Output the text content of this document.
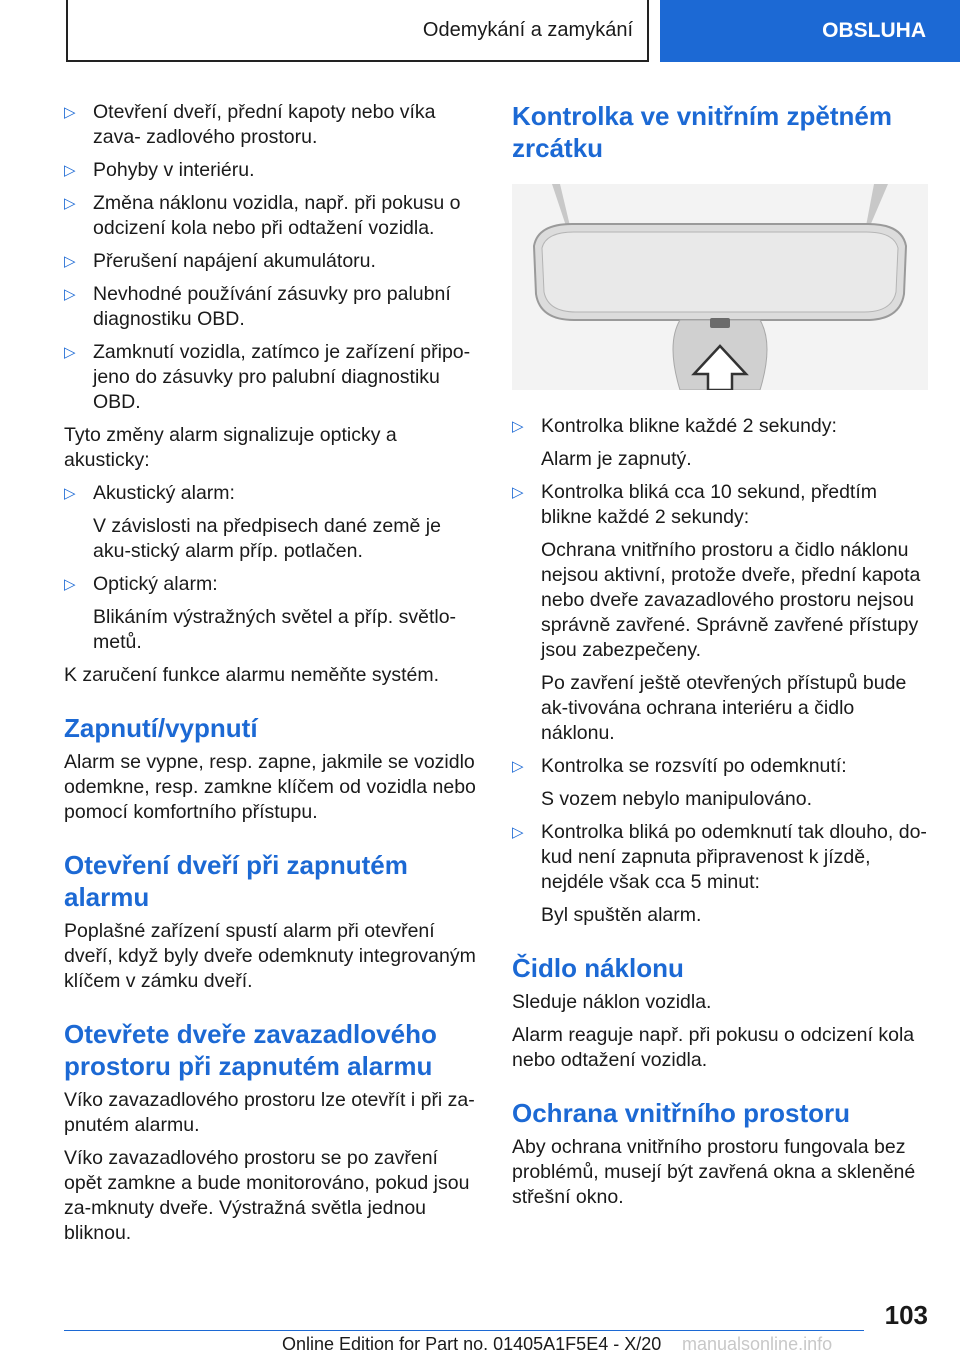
Odemykání a zamykání	OBSLUHA
▷ Otevření dveří, přední kapoty nebo víka zava- zadlového prostoru.
▷ Pohyby v interiéru.
▷ Změna náklonu vozidla, např. při pokusu o odcizení kola nebo při odtažení vozidla.
▷ Přerušení napájení akumulátoru.
▷ Nevhodné používání zásuvky pro palubní diagnostiku OBD.
▷ Zamknutí vozidla, zatímco je zařízení připo-jeno do zásuvky pro palubní diagnostiku OBD.

Tyto změny alarm signalizuje opticky a akusticky:

▷ Akustický alarm:

V závislosti na předpisech dané země je aku-stický alarm příp. potlačen.

▷ Optický alarm:

Blikáním výstražných světel a příp. světlo-metů.

K zaručení funkce alarmu neměňte systém.

Zapnutí/vypnutí

Alarm se vypne, resp. zapne, jakmile se vozidlo odemkne, resp. zamkne klíčem od vozidla nebo pomocí komfortního přístupu.

Otevření dveří při zapnutém alarmu

Poplašné zařízení spustí alarm při otevření dveří, když byly dveře odemknuty integrovaným klíčem v zámku dveří.

Otevřete dveře zavazadlového prostoru při zapnutém alarmu

Víko zavazadlového prostoru lze otevřít i při za-pnutém alarmu.

Víko zavazadlového prostoru se po zavření opět zamkne a bude monitorováno, pokud jsou za-mknuty dveře. Výstražná světla jednou bliknou.

Kontrolka ve vnitřním zpětném zrcátku
▷ Kontrolka blikne každé 2 sekundy:

Alarm je zapnutý.

▷ Kontrolka bliká cca 10 sekund, předtím blikne každé 2 sekundy:

Ochrana vnitřního prostoru a čidlo náklonu nejsou aktivní, protože dveře, přední kapota nebo dveře zavazadlového prostoru nejsou správně zavřené. Správně zavřené přístupy jsou zabezpečeny.

Po zavření ještě otevřených přístupů bude ak-tivována ochrana interiéru a čidlo náklonu.

▷ Kontrolka se rozsvítí po odemknutí:

S vozem nebylo manipulováno.

▷ Kontrolka bliká po odemknutí tak dlouho, do-kud není zapnuta připravenost k jízdě, nejdéle však cca 5 minut:

Byl spuštěn alarm.

Čidlo náklonu

Sleduje náklon vozidla.

Alarm reaguje např. při pokusu o odcizení kola nebo odtažení vozidla.

Ochrana vnitřního prostoru

Aby ochrana vnitřního prostoru fungovala bez problémů, musejí být zavřená okna a skleněné střešní okno.

103
Online Edition for Part no. 01405A1F5E4 - X/20 manualsonline.info
